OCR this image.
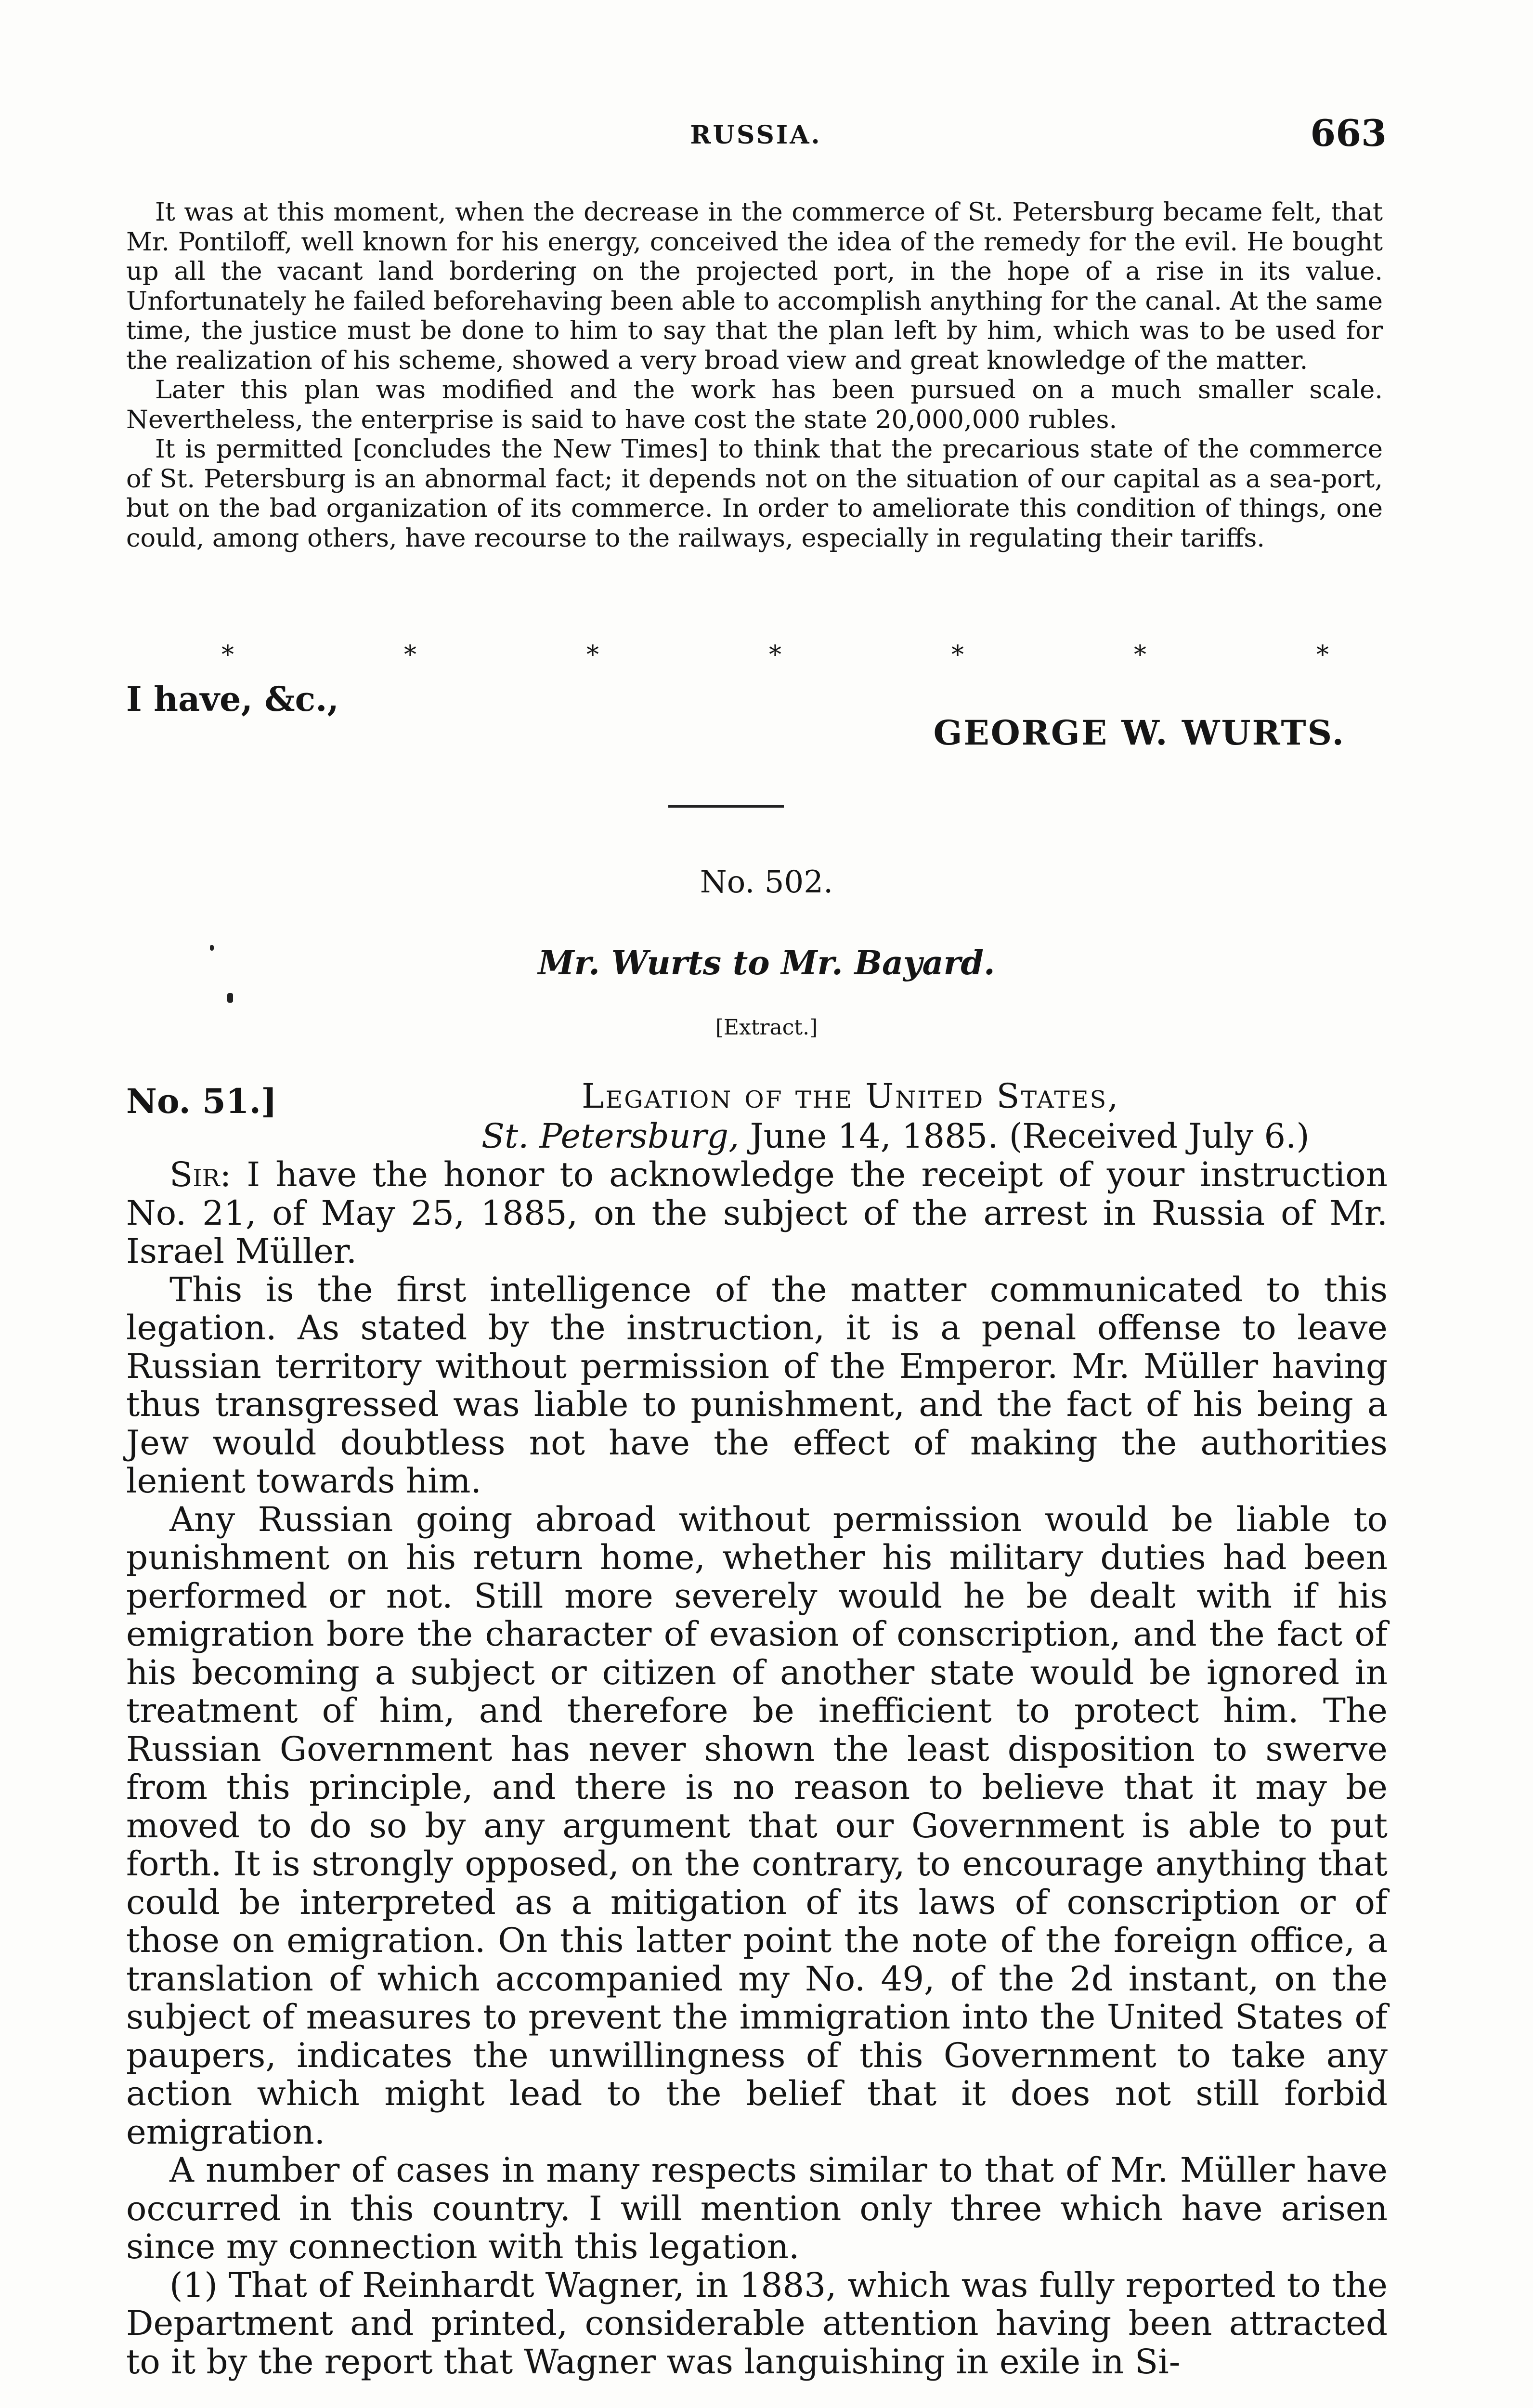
RUSSIA.	663

It was at this moment, when the decrease in the commerce of St. Petersburg became felt, that Mr. Pontiloff, well known for his energy, conceived the idea of the remedy for the evil. He bought up all the vacant land bordering on the projected port, in the hope of a rise in its value. Unfortunately he failed beforehaving been able to accomplish anything for the canal. At the same time, the justice must be done to him to say that the plan left by him, which was to be used for the realization of his scheme, showed a very broad view and great knowledge of the matter.

Later this plan was modified and the work has been pursued on a much smaller scale. Nevertheless, the enterprise is said to have cost the state 20,000,000 rubles.

It is permitted [concludes the New Times] to think that the precarious state of the commerce of St. Petersburg is an abnormal fact; it depends not on the situation of our capital as a sea-port, but on the bad organization of its commerce. In order to ameliorate this condition of things, one could, among others, have recourse to the railways, especially in regulating their tariffs.

*	*	*	*	*	*	*
I have, &c.,
GEORGE W. WURTS.
No. 502.
Mr. Wurts to Mr. Bayard.
[Extract.]
No. 51.]	Legation of the United States,
St. Petersburg, June 14, 1885. (Received July 6.)

Sir: I have the honor to acknowledge the receipt of your instruction No. 21, of May 25, 1885, on the subject of the arrest in Russia of Mr. Israel Müller.

This is the first intelligence of the matter communicated to this legation. As stated by the instruction, it is a penal offense to leave Russian territory without permission of the Emperor. Mr. Müller having thus transgressed was liable to punishment, and the fact of his being a Jew would doubtless not have the effect of making the authorities lenient towards him.

Any Russian going abroad without permission would be liable to punishment on his return home, whether his military duties had been performed or not. Still more severely would he be dealt with if his emigration bore the character of evasion of conscription, and the fact of his becoming a subject or citizen of another state would be ignored in treatment of him, and therefore be inefficient to protect him. The Russian Government has never shown the least disposition to swerve from this principle, and there is no reason to believe that it may be moved to do so by any argument that our Government is able to put forth. It is strongly opposed, on the contrary, to encourage anything that could be interpreted as a mitigation of its laws of conscription or of those on emigration. On this latter point the note of the foreign office, a translation of which accompanied my No. 49, of the 2d instant, on the subject of measures to prevent the immigration into the United States of paupers, indicates the unwillingness of this Government to take any action which might lead to the belief that it does not still forbid emigration.

A number of cases in many respects similar to that of Mr. Müller have occurred in this country. I will mention only three which have arisen since my connection with this legation.

(1) That of Reinhardt Wagner, in 1883, which was fully reported to the Department and printed, considerable attention having been attracted to it by the report that Wagner was languishing in exile in Si-
